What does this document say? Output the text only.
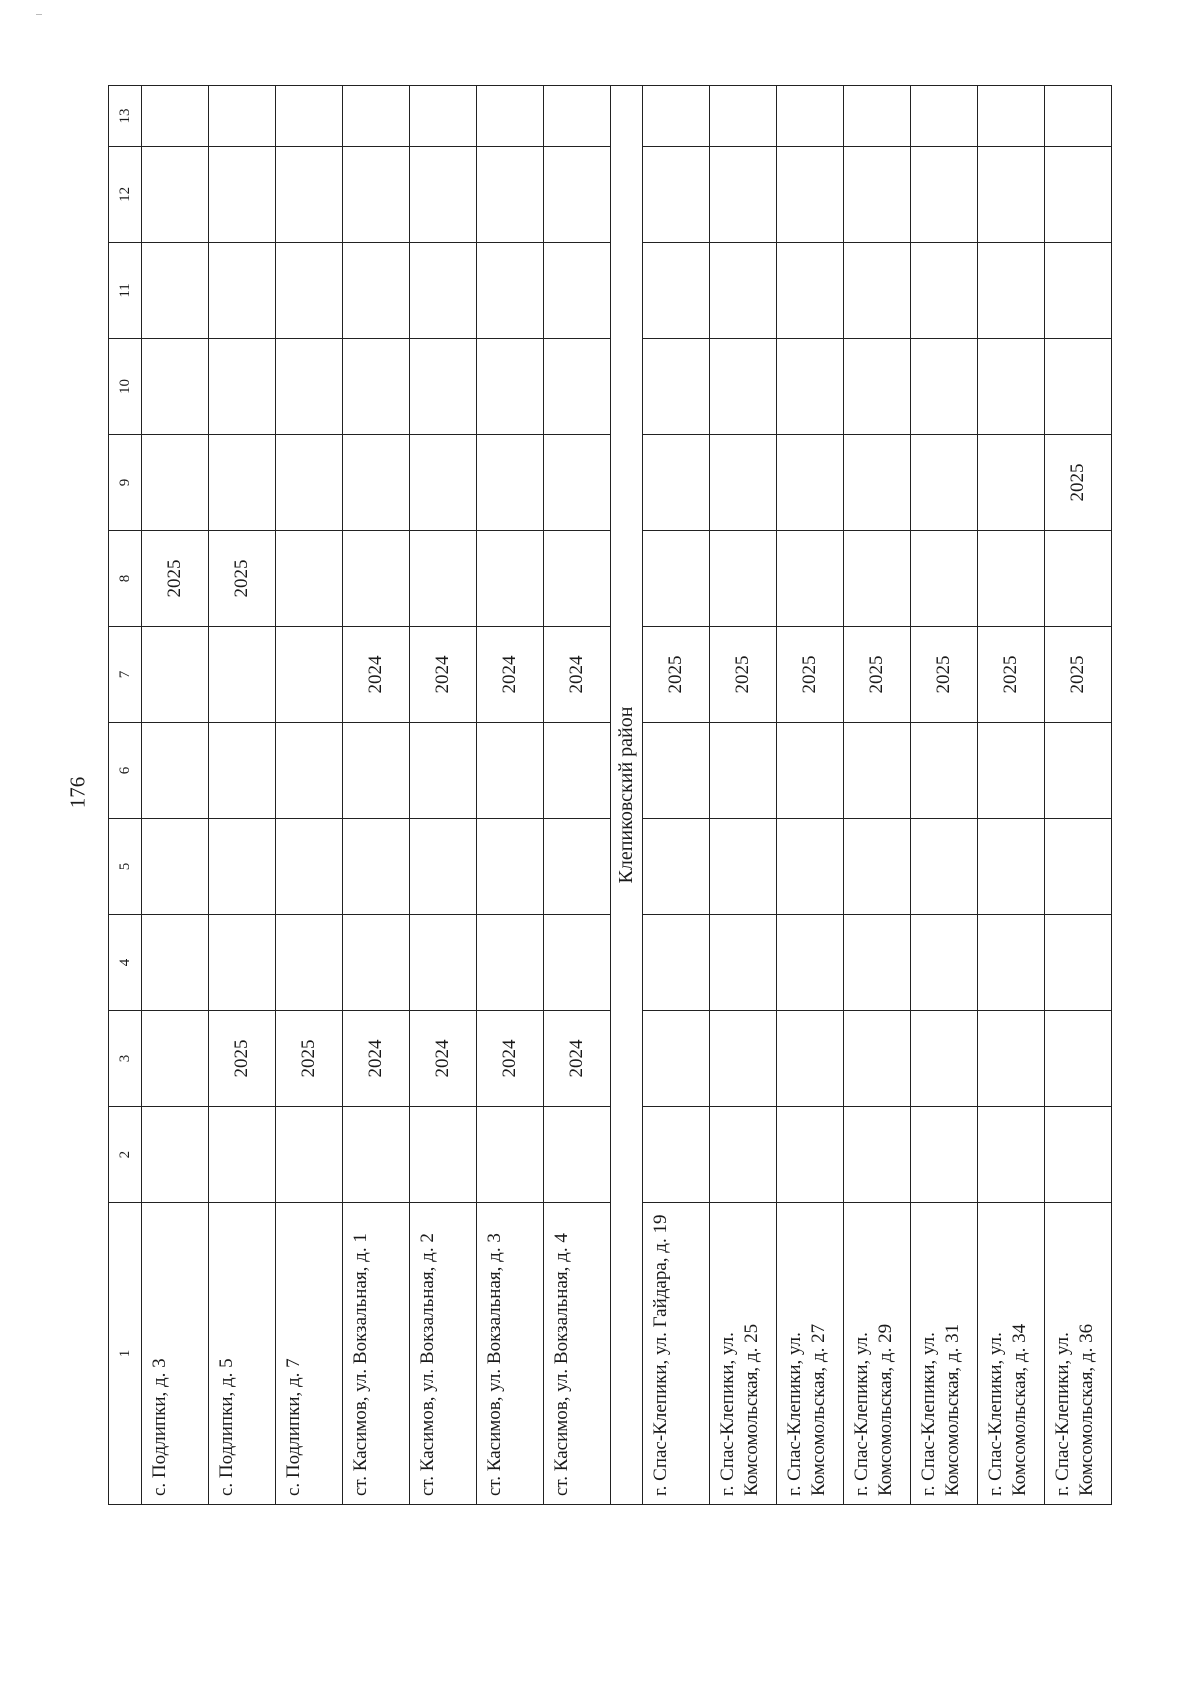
176
1	2	3	4	5	6	7	8	9	10	11	12	13
с. Подлипки, д. 3							2025					
с. Подлипки, д. 5		2025					2025					
с. Подлипки, д. 7		2025										
ст. Касимов, ул. Вокзальная, д. 1		2024				2024						
ст. Касимов, ул. Вокзальная, д. 2		2024				2024						
ст. Касимов, ул. Вокзальная, д. 3		2024				2024						
ст. Касимов, ул. Вокзальная, д. 4		2024				2024						
Клепиковский район												
г. Спас-Клепики, ул. Гайдара, д. 19						2025						
г. Спас-Клепики, ул. Комсомольская, д. 25						2025						
г. Спас-Клепики, ул. Комсомольская, д. 27						2025						
г. Спас-Клепики, ул. Комсомольская, д. 29						2025						
г. Спас-Клепики, ул. Комсомольская, д. 31						2025						
г. Спас-Клепики, ул. Комсомольская, д. 34						2025						
г. Спас-Клепики, ул. Комсомольская, д. 36						2025		2025				
